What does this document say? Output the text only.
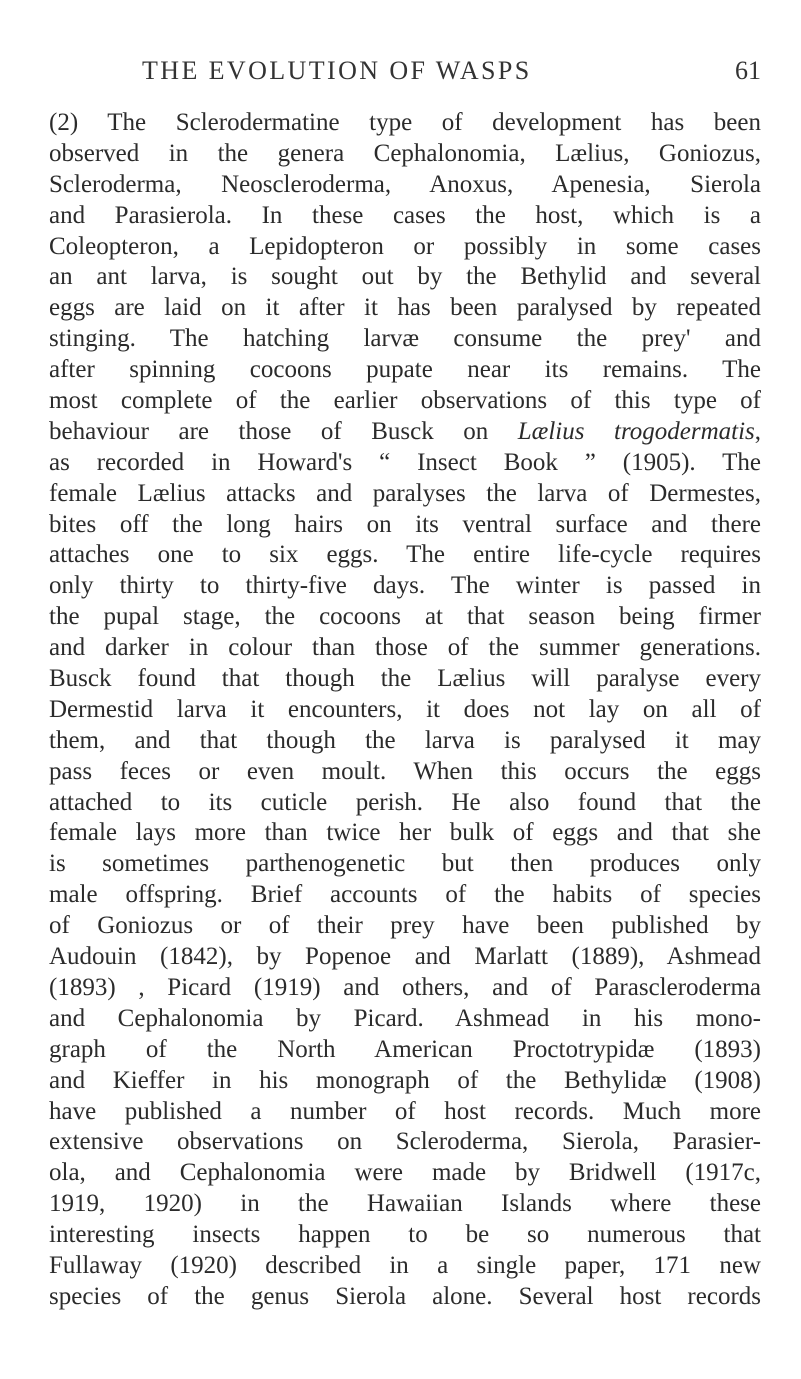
THE EVOLUTION OF WASPS	61
(2) The Sclerodermatine type of development has been
observed in the genera Cephalonomia, Lælius, Goniozus,
Scleroderma, Neoscleroderma, Anoxus, Apenesia, Sierola
and Parasierola. In these cases the host, which is a
Coleopteron, a Lepidopteron or possibly in some cases
an ant larva, is sought out by the Bethylid and several
eggs are laid on it after it has been paralysed by repeated
stinging. The hatching larvæ consume the prey' and
after spinning cocoons pupate near its remains. The
most complete of the earlier observations of this type of
behaviour are those of Busck on Lælius trogodermatis,
as recorded in Howard's “ Insect Book ” (1905). The
female Lælius attacks and paralyses the larva of Dermestes,
bites off the long hairs on its ventral surface and there
attaches one to six eggs. The entire life-cycle requires
only thirty to thirty-five days. The winter is passed in
the pupal stage, the cocoons at that season being firmer
and darker in colour than those of the summer generations.
Busck found that though the Lælius will paralyse every
Dermestid larva it encounters, it does not lay on all of
them, and that though the larva is paralysed it may
pass feces or even moult. When this occurs the eggs
attached to its cuticle perish. He also found that the
female lays more than twice her bulk of eggs and that she
is sometimes parthenogenetic but then produces only
male offspring. Brief accounts of the habits of species
of Goniozus or of their prey have been published by
Audouin (1842), by Popenoe and Marlatt (1889), Ashmead
(1893) , Picard (1919) and others, and of Parascleroderma
and Cephalonomia by Picard. Ashmead in his mono-
graph of the North American Proctotrypidæ (1893)
and Kieffer in his monograph of the Bethylidæ (1908)
have published a number of host records. Much more
extensive observations on Scleroderma, Sierola, Parasier-
ola, and Cephalonomia were made by Bridwell (1917c,
1919, 1920) in the Hawaiian Islands where these
interesting insects happen to be so numerous that
Fullaway (1920) described in a single paper, 171 new
species of the genus Sierola alone. Several host records
